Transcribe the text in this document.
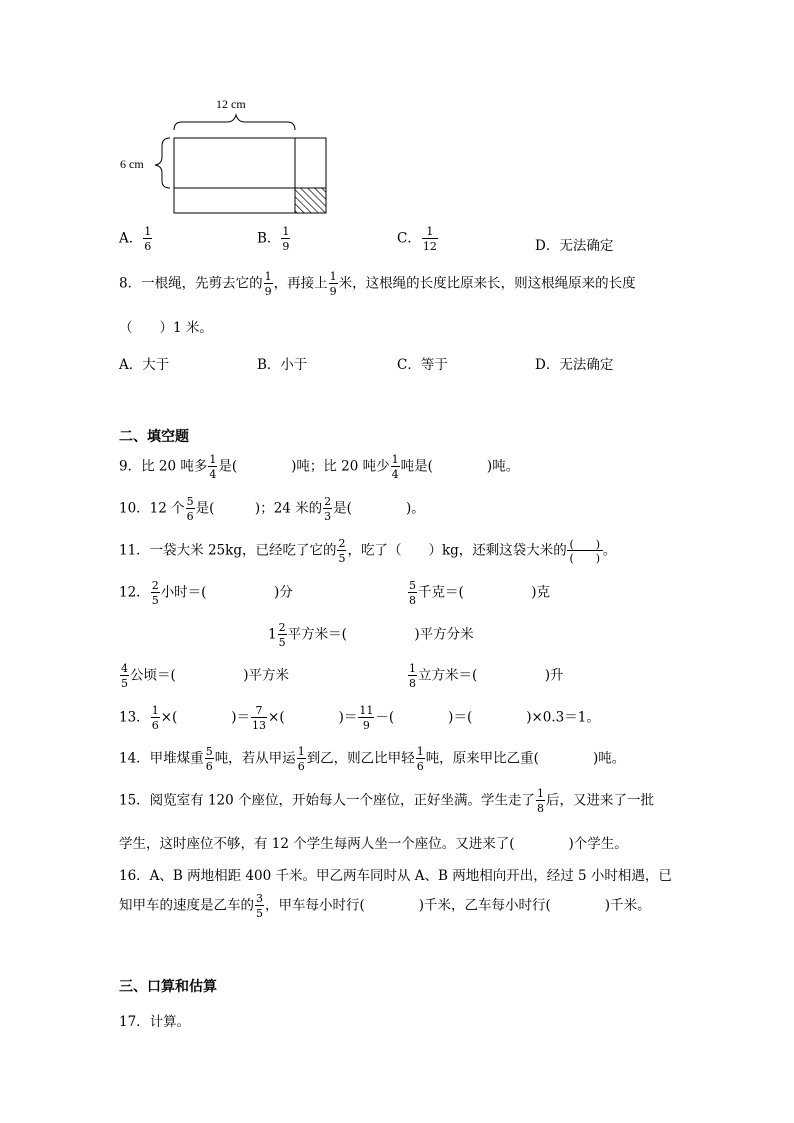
12 cm
6 cm
A． $\frac{1}{6}$	B． $\frac{1}{9}$	C． $\frac{1}{12}$	D．无法确定
8．一根绳，先剪去它的 $\frac{1}{9}$ ，再接上 $\frac{1}{9}$ 米，这根绳的长度比原来长，则这根绳原来的长度
（　　）1 米。
A．大于	B．小于	C．等于	D．无法确定
二、填空题
9．比 20 吨多 $\frac{1}{4}$ 是(　　　　)吨；比 20 吨少 $\frac{1}{4}$ 吨是(　　　　)吨。
10．12 个 $\frac{5}{6}$ 是(　　　)；24 米的 $\frac{2}{3}$ 是(　　　　)。
11．一袋大米 25kg，已经吃了它的 $\frac{2}{5}$ ，吃了（　　）kg，还剩这袋大米的 (　　)
(　　) 。
12． $\frac{2}{5}$ 小时＝(　　　　　)分	$\frac{5}{8}$ 千克＝(　　　　　)克
$1 \frac{2}{5}$ 平方米＝(　　　　　)平方分米
$\frac{4}{5}$ 公顷＝(　　　　　)平方米	$\frac{1}{8}$ 立方米＝(　　　　　)升
13． $\frac{1}{6}$ ×(　　　　)＝ $\frac{7}{13}$ ×(　　　　)＝ $\frac{11}{9}$ －(　　　　)＝(　　　　)×0.3＝1。
14．甲堆煤重 $\frac{5}{6}$ 吨，若从甲运 $\frac{1}{6}$ 到乙，则乙比甲轻 $\frac{1}{6}$ 吨，原来甲比乙重(　　　　)吨。
15．阅览室有 120 个座位，开始每人一个座位，正好坐满。学生走了 $\frac{1}{8}$ 后，又进来了一批
学生，这时座位不够，有 12 个学生每两人坐一个座位。又进来了(　　　　)个学生。
16．A、B 两地相距 400 千米。甲乙两车同时从 A、B 两地相向开出，经过 5 小时相遇，已
知甲车的速度是乙车的 $\frac{3}{5}$ ，甲车每小时行(　　　　)千米，乙车每小时行(　　　　)千米。
三、口算和估算
17．计算。
